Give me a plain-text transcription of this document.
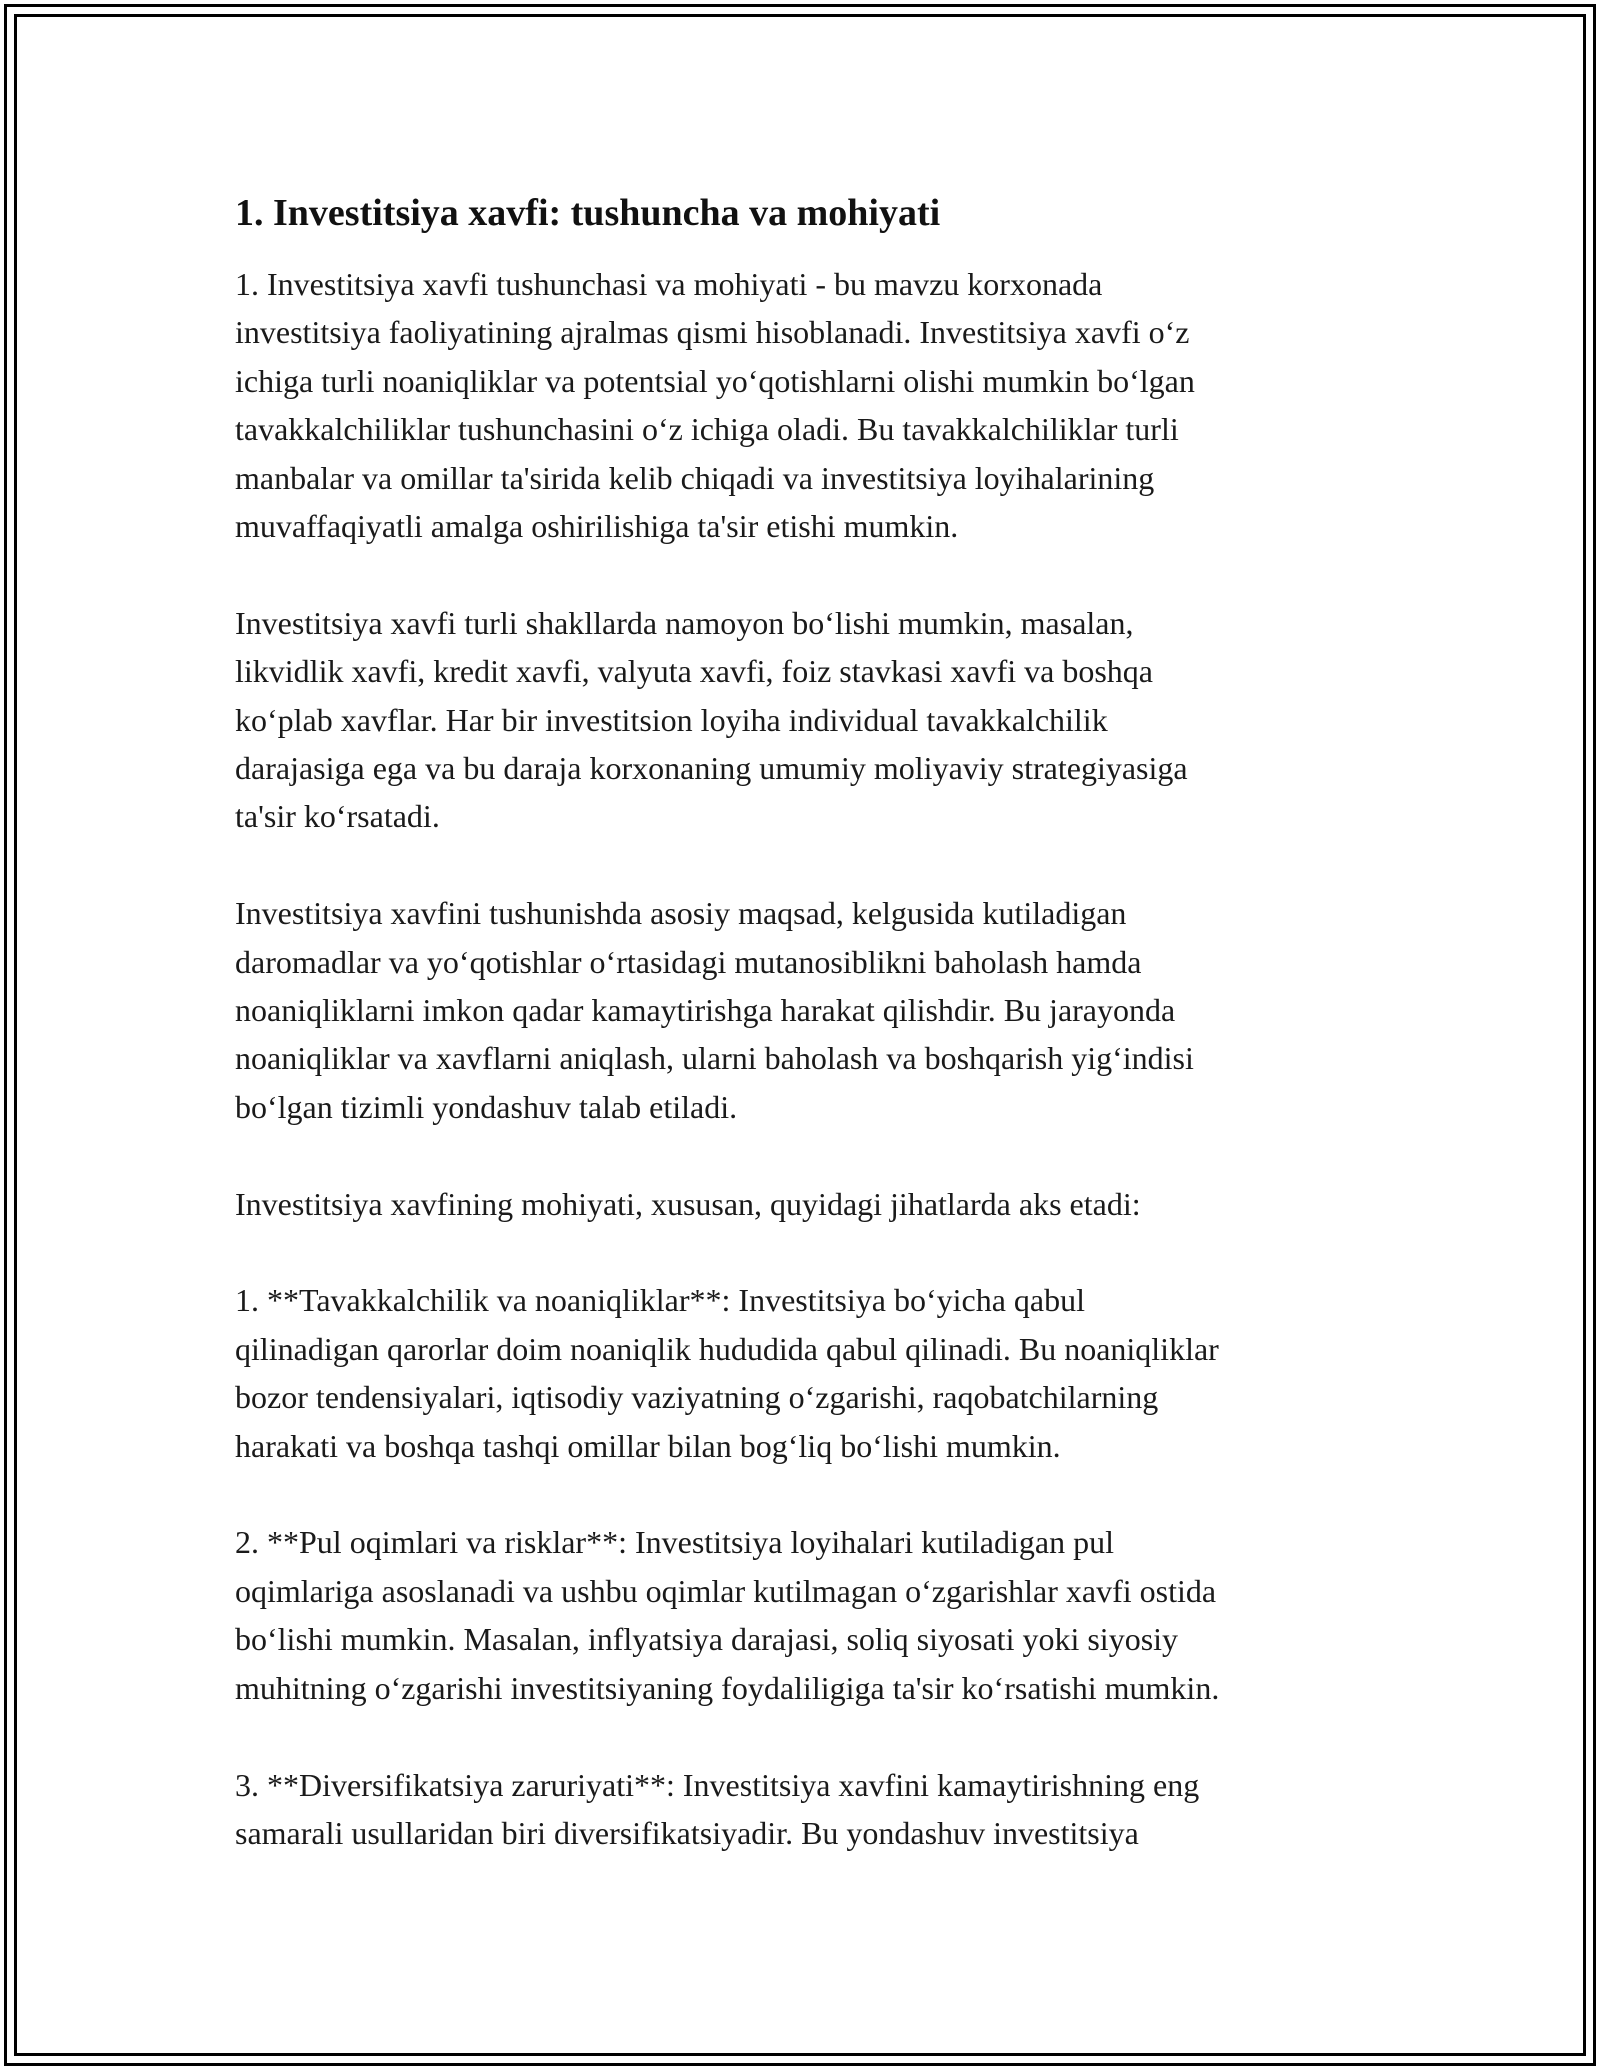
1. Investitsiya xavfi: tushuncha va mohiyati

1. Investitsiya xavfi tushunchasi va mohiyati - bu mavzu korxonada
investitsiya faoliyatining ajralmas qismi hisoblanadi. Investitsiya xavfi oʻz
ichiga turli noaniqliklar va potentsial yoʻqotishlarni olishi mumkin boʻlgan
tavakkalchiliklar tushunchasini oʻz ichiga oladi. Bu tavakkalchiliklar turli
manbalar va omillar ta'sirida kelib chiqadi va investitsiya loyihalarining
muvaffaqiyatli amalga oshirilishiga ta'sir etishi mumkin.

Investitsiya xavfi turli shakllarda namoyon boʻlishi mumkin, masalan,
likvidlik xavfi, kredit xavfi, valyuta xavfi, foiz stavkasi xavfi va boshqa
koʻplab xavflar. Har bir investitsion loyiha individual tavakkalchilik
darajasiga ega va bu daraja korxonaning umumiy moliyaviy strategiyasiga
ta'sir koʻrsatadi.

Investitsiya xavfini tushunishda asosiy maqsad, kelgusida kutiladigan
daromadlar va yoʻqotishlar oʻrtasidagi mutanosiblikni baholash hamda
noaniqliklarni imkon qadar kamaytirishga harakat qilishdir. Bu jarayonda
noaniqliklar va xavflarni aniqlash, ularni baholash va boshqarish yigʻindisi
boʻlgan tizimli yondashuv talab etiladi.

Investitsiya xavfining mohiyati, xususan, quyidagi jihatlarda aks etadi:

1. **Tavakkalchilik va noaniqliklar**: Investitsiya boʻyicha qabul
qilinadigan qarorlar doim noaniqlik hududida qabul qilinadi. Bu noaniqliklar
bozor tendensiyalari, iqtisodiy vaziyatning oʻzgarishi, raqobatchilarning
harakati va boshqa tashqi omillar bilan bogʻliq boʻlishi mumkin.

2. **Pul oqimlari va risklar**: Investitsiya loyihalari kutiladigan pul
oqimlariga asoslanadi va ushbu oqimlar kutilmagan oʻzgarishlar xavfi ostida
boʻlishi mumkin. Masalan, inflyatsiya darajasi, soliq siyosati yoki siyosiy
muhitning oʻzgarishi investitsiyaning foydaliligiga ta'sir koʻrsatishi mumkin.

3. **Diversifikatsiya zaruriyati**: Investitsiya xavfini kamaytirishning eng
samarali usullaridan biri diversifikatsiyadir. Bu yondashuv investitsiya
